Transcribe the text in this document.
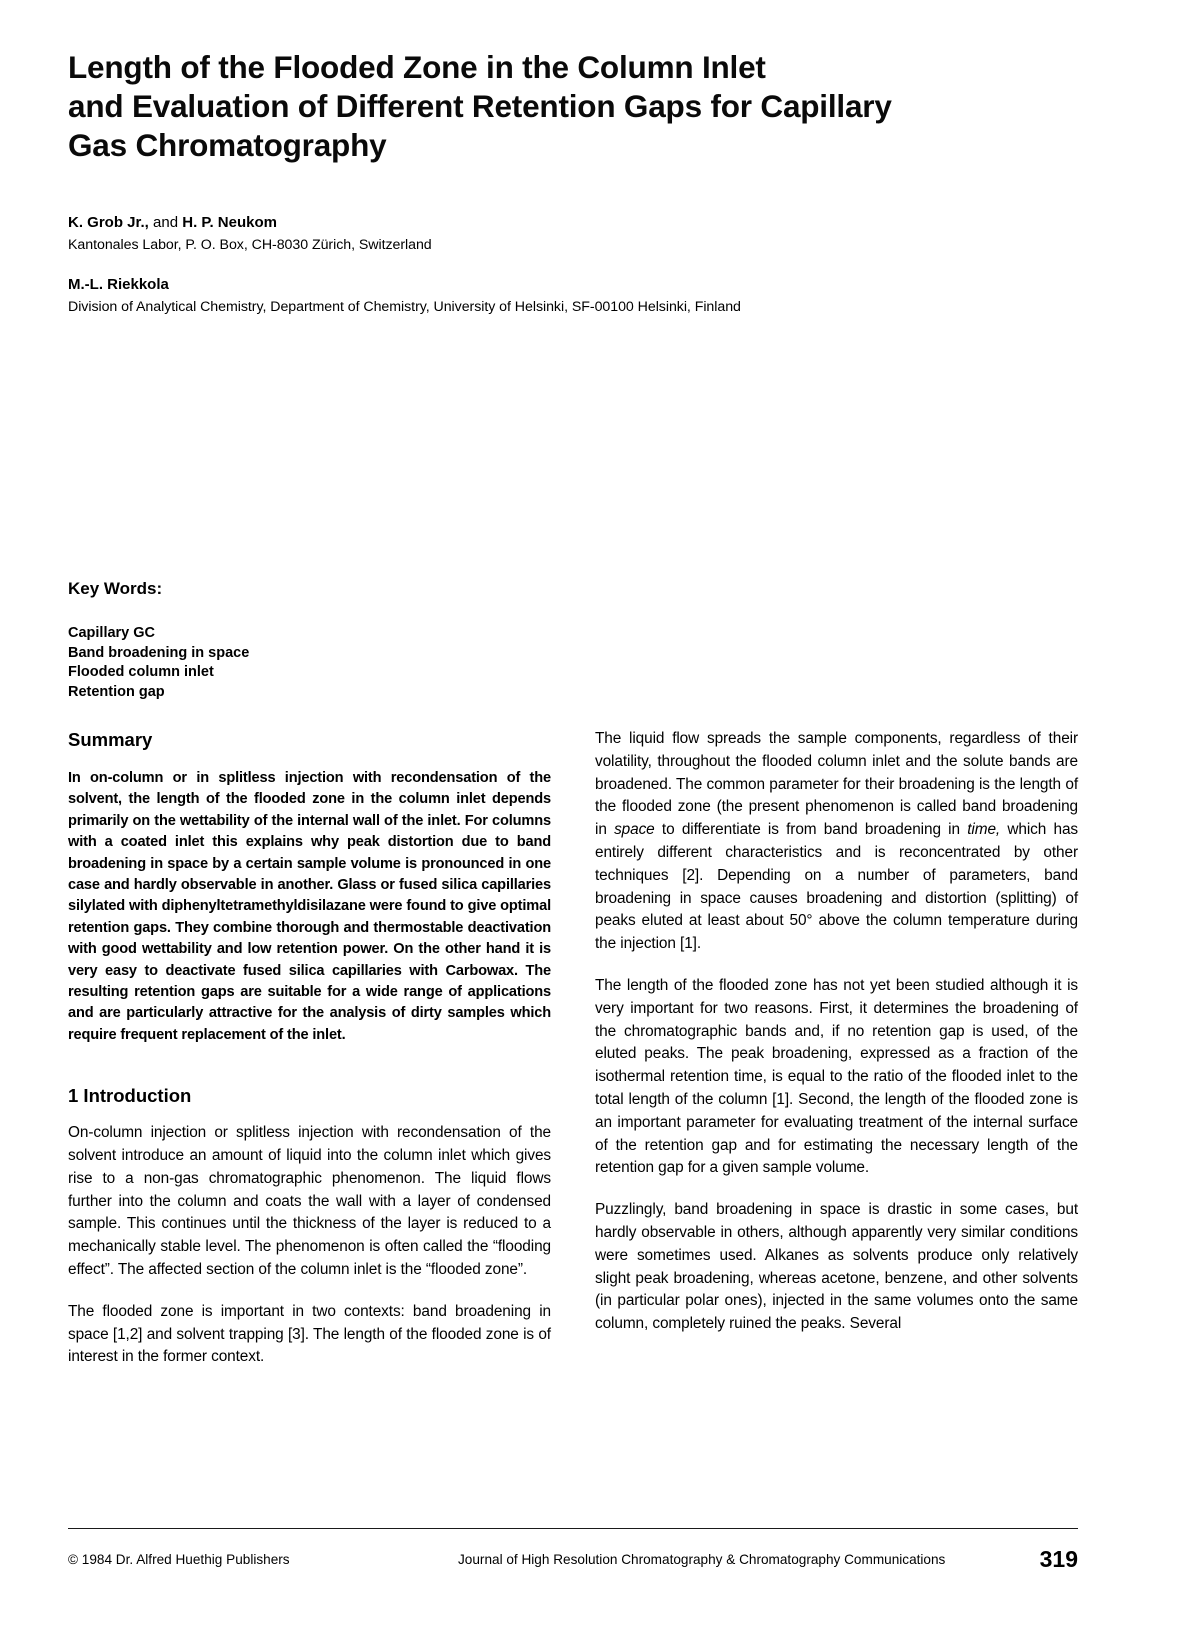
Length of the Flooded Zone in the Column Inlet
and Evaluation of Different Retention Gaps for Capillary
Gas Chromatography

K. Grob Jr., and H. P. Neukom

Kantonales Labor, P. O. Box, CH-8030 Zürich, Switzerland

M.-L. Riekkola

Division of Analytical Chemistry, Department of Chemistry, University of Helsinki, SF-00100 Helsinki, Finland

Key Words:
Capillary GC
Band broadening in space
Flooded column inlet
Retention gap
Summary

In on-column or in splitless injection with recondensation of the solvent, the length of the flooded zone in the column inlet depends primarily on the wettability of the internal wall of the inlet. For columns with a coated inlet this explains why peak distortion due to band broadening in space by a certain sample volume is pronounced in one case and hardly observable in another. Glass or fused silica capillaries silylated with diphenyltetramethyldisilazane were found to give optimal retention gaps. They combine thorough and thermostable deactivation with good wettability and low retention power. On the other hand it is very easy to deactivate fused silica capillaries with Carbowax. The resulting retention gaps are suitable for a wide range of applications and are particularly attractive for the analysis of dirty samples which require frequent replacement of the inlet.

1 Introduction

On-column injection or splitless injection with recondensation of the solvent introduce an amount of liquid into the column inlet which gives rise to a non-gas chromatographic phenomenon. The liquid flows further into the column and coats the wall with a layer of condensed sample. This continues until the thickness of the layer is reduced to a mechanically stable level. The phenomenon is often called the “flooding effect”. The affected section of the column inlet is the “flooded zone”.

The flooded zone is important in two contexts: band broadening in space [1,2] and solvent trapping [3]. The length of the flooded zone is of interest in the former context.

The liquid flow spreads the sample components, regardless of their volatility, throughout the flooded column inlet and the solute bands are broadened. The common parameter for their broadening is the length of the flooded zone (the present phenomenon is called band broadening in space to differentiate is from band broadening in time, which has entirely different characteristics and is reconcentrated by other techniques [2]. Depending on a number of parameters, band broadening in space causes broadening and distortion (splitting) of peaks eluted at least about 50° above the column temperature during the injection [1].

The length of the flooded zone has not yet been studied although it is very important for two reasons. First, it determines the broadening of the chromatographic bands and, if no retention gap is used, of the eluted peaks. The peak broadening, expressed as a fraction of the isothermal retention time, is equal to the ratio of the flooded inlet to the total length of the column [1]. Second, the length of the flooded zone is an important parameter for evaluating treatment of the internal surface of the retention gap and for estimating the necessary length of the retention gap for a given sample volume.

Puzzlingly, band broadening in space is drastic in some cases, but hardly observable in others, although apparently very similar conditions were sometimes used. Alkanes as solvents produce only relatively slight peak broadening, whereas acetone, benzene, and other solvents (in particular polar ones), injected in the same volumes onto the same column, completely ruined the peaks. Several

© 1984 Dr. Alfred Huethig Publishers	Journal of High Resolution Chromatography & Chromatography Communications	319
